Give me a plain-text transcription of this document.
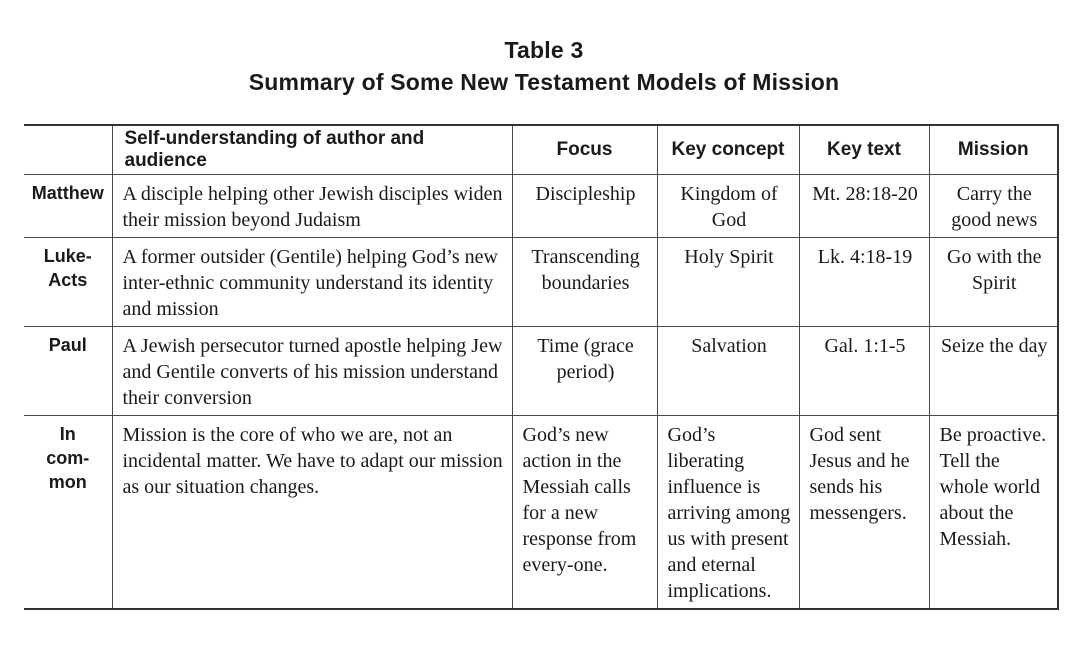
Table 3
Summary of Some New Testament Models of Mission
	Self-understanding of author and audience	Focus	Key concept	Key text	Mission

Matthew	A disciple helping other Jewish disciples widen their mission beyond Judaism	Discipleship	Kingdom of God	Mt. 28:18-20	Carry the good news

Luke-
Acts	A former outsider (Gentile) helping God’s new inter-ethnic community understand its identity and mission	Transcending boundaries	Holy Spirit	Lk. 4:18-19	Go with the Spirit

Paul	A Jewish persecutor turned apostle helping Jew and Gentile converts of his mission understand their conversion	Time (grace period)	Salvation	Gal. 1:1-5	Seize the day

In
com-
mon	Mission is the core of who we are, not an incidental matter. We have to adapt our mission as our situation changes.	God’s new action in the Messiah calls for a new response from every-one.	God’s liberating influence is arriving among us with present and eternal implications.	God sent Jesus and he sends his messengers.	Be proactive. Tell the whole world about the Messiah.
